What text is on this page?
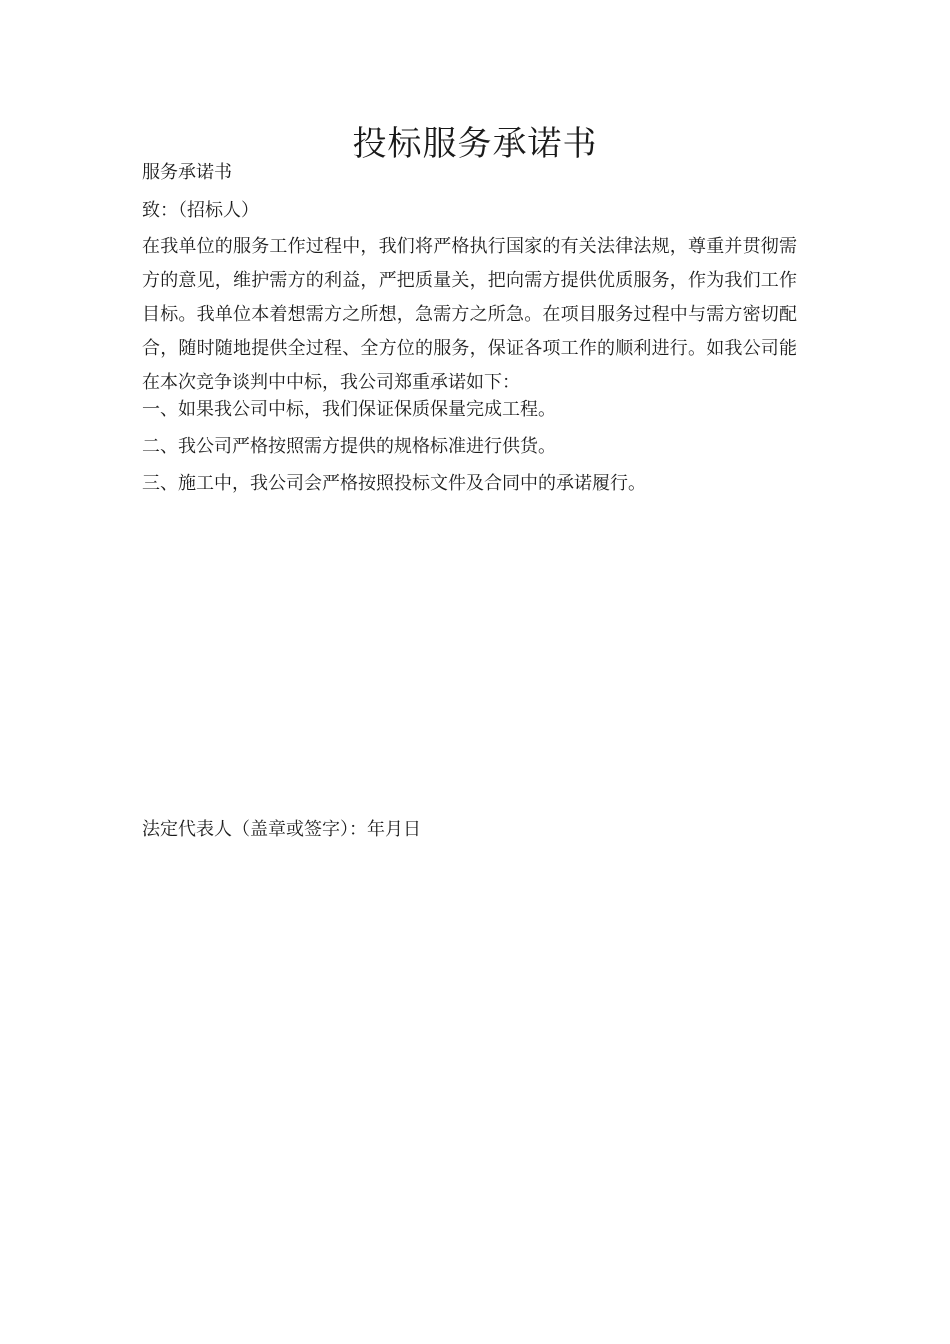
投标服务承诺书
服务承诺书
致：（招标人）

在我单位的服务工作过程中，我们将严格执行国家的有关法律法规，尊重并贯彻需方的意见，维护需方的利益，严把质量关，把向需方提供优质服务，作为我们工作目标。我单位本着想需方之所想，急需方之所急。在项目服务过程中与需方密切配合，随时随地提供全过程、全方位的服务，保证各项工作的顺利进行。如我公司能在本次竞争谈判中中标，我公司郑重承诺如下：

一、如果我公司中标，我们保证保质保量完成工程。
二、我公司严格按照需方提供的规格标准进行供货。
三、施工中，我公司会严格按照投标文件及合同中的承诺履行。
法定代表人（盖章或签字）：年月日
